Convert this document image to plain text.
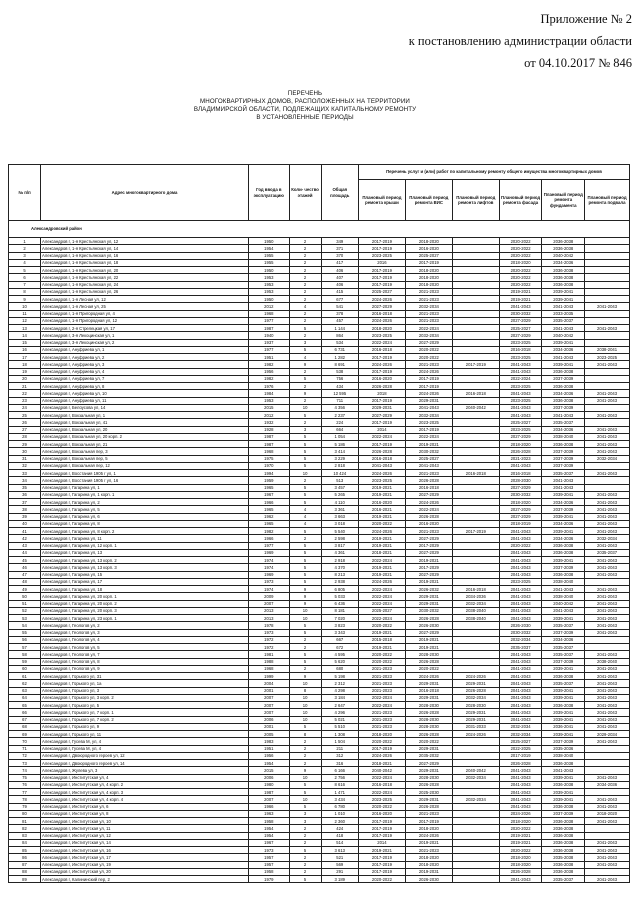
Приложение № 2
к постановлению администрации области
от 04.10.2017 № 846
ПЕРЕЧЕНЬ
МНОГОКВАРТИРНЫХ ДОМОВ, РАСПОЛОЖЕННЫХ НА ТЕРРИТОРИИ
ВЛАДИМИРСКОЙ ОБЛАСТИ, ПОДЛЕЖАЩИХ КАПИТАЛЬНОМУ РЕМОНТУ
В УСТАНОВЛЕННЫЕ ПЕРИОДЫ
№ п/п	Адрес многоквартирного дома	Год ввода в эксплуатацию	Коли- чество этажей	Общая площадь	Перечень услуг и (или) работ по капитальному ремонту общего имущества многоквартирных домов					
					Плановый период ремонта крыши	Плановый период ремонта ВИС	Плановый период ремонта лифтов	Плановый период ремонта фасада	Плановый период ремонта фундамента	Плановый период ремонта подвала
Александровский район										
1	Александров г, 1-я Крестьянская ул, 12	1950	2	349	2017-2019	2018-2020		2020-2022	2036-2038	
2	Александров г, 1-я Крестьянская ул, 14	1954	2	371	2017-2019	2016-2020		2020-2022	2036-2038	
3	Александров г, 1-я Крестьянская ул, 16	1955	2	370	2023-2025	2025-2027		2020-2022	2040-2042	
4	Александров г, 1-я Крестьянская ул, 18	1955	2	417	2016	2017-2019		2018-2020	2034-2036	
5	Александров г, 1-я Крестьянская ул, 20	1950	2	406	2017-2019	2018-2020		2020-2022	2036-2038	
6	Александров г, 1-я Крестьянская ул, 22	1953	2	407	2017-2019	2018-2020		2020-2022	2036-2038	
7	Александров г, 1-я Крестьянская ул, 24	1953	2	406	2017-2019	2018-2020		2020-2022	2036-2038	
8	Александров г, 1-я Крестьянская ул, 26	1953	2	415	2025-2027	2021-2023		2019-2021	2039-2041	
9	Александров г, 1-я Лесная ул, 12	1950	2	677	2024-2026	2021-2023		2019-2021	2039-2041	
10	Александров г, 1-я Лесная ул, 25	2012	4	541	2027-2029	2032-2034		2041-2043	2041-2043	2041-2043
11	Александров г, 1-я Пригородная ул, 4	1968	2	378	2016-2018	2021-2023		2030-2032	2033-2035	
12	Александров г, 1-я Пригородная ул, 12	1977	2	457	2024-2026	2021-2023		2027-2029	2035-2037	
13	Александров г, 2-я Стрелецкая ул, 17	1987	5	1 144	2018-2020	2022-2024		2025-2027	2041-2043	2041-2043
14	Александров г, 3-я Лекоцинская ул, 1	1940	2	864	2023-2025	2032-2034		2027-2029	2040-2042	
15	Александров г, 3-я Лекоцинская ул, 2	1937	3	534	2022-2024	2027-2029		2023-2025	2039-2041	
16	Александров г, Ануфриева ул, 1	1977	5	6 731	2016-2018	2020-2022		2016-2018	2034-2036	2038-2041
17	Александров г, Ануфриева ул, 2	1951	4	1 282	2017-2019	2020-2022		2023-2025	2041-2043	2023-2025
18	Александров г, Ануфриева ул, 3	1982	9	8 691	2024-2026	2021-2023	2017-2019	2041-2043	2039-2041	2041-2043
19	Александров г, Ануфриева ул, 4	1956	2	538	2017-2019	2024-2026		2041-2043	2036-2038	
20	Александров г, Ануфриева ул, 7	1982	5	756	2016-2020	2017-2019		2022-2024	2037-2039	
21	Александров г, Ануфриева ул, 8	1976	2	434	2026-2028	2017-2019		2023-2025	2036-2038	
22	Александров г, Ануфриева ул, 10	1984	9	12 595	2018	2024-2026	2016-2018	2041-2043	2034-2036	2041-2043
23	Александров г, Ануфриева ул, 11	1953	2	711	2017-2019	2029-2031		2023-2025	2036-2038	2041-2043
24	Александров г, Белоусова ул, 14	2015	10	4 356	2029-2031	2041-2043	2040-2042	2041-2043	2037-2039	
25	Александров г, Вокзальная ул, 1	2012	5	2 237	2027-2029	2032-2034		2041-2043	2041-2043	2041-2043
26	Александров г, Вокзальная ул, 41	1932	2	224	2017-2019	2023-2025		2025-2027	2035-2037	
27	Александров г, Вокзальная ул, 20	1928	3	664	2014	2017-2019		2023-2025	2034-2036	2041-2043
28	Александров г, Вокзальная ул, 20 корп. 2	1987	5	1 054	2022-2024	2022-2024		2027-2029	2038-2040	2041-2043
29	Александров г, Вокзальная ул, 21	1987	5	5 186	2017-2019	2019-2021		2018-2020	2036-2038	2041-2043
30	Александров г, Вокзальная пер, 3	1968	5	3 414	2026-2028	2030-2032		2026-2028	2037-2039	2041-2043
31	Александров г, Вокзальная пер, 5	1975	5	3 229	2016-2018	2025-2027		2021-2023	2037-2039	2032-2034
32	Александров г, Вокзальная пер, 12	1970	5	2 818	2041-2043	2041-2043		2041-2043	2037-2039	
33	Александров г, Восстания 1905 г ул, 1	1994	10	10 424	2024-2026	2021-2023	2016-2018	2016-2018	2035-2037	2041-2043
34	Александров г, Восстания 1905 г ул, 16	1959	2	513	2023-2025	2026-2028		2028-2030	2041-2043	
35	Александров г, Гагарина ул, 1	1965	5	3 457	2019-2021	2016-2018		2027-2029	2041-2043	
36	Александров г, Гагарина ул, 1 корп. 1	1967	5	5 265	2019-2021	2027-2029		2030-2032	2039-2041	2041-2043
37	Александров г, Гагарина ул, 2	1966	5	4 110	2016-2020	2024-2026		2018-2020	2034-2036	2041-2043
38	Александров г, Гагарина ул, 5	1965	4	3 361	2016-2021	2022-2024		2027-2029	2037-2039	2041-2043
39	Александров г, Гагарина ул, 6	1962	4	3 663	2019-2021	2026-2028		2027-2029	2039-2041	2041-2043
40	Александров г, Гагарина ул, 8	1965	4	3 018	2020-2022	2016-2020		2018-2019	2034-2036	2041-2043
41	Александров г, Гагарина ул, 8 корп. 2	1982	5	5 540	2024-2026	2021-2023	2017-2019	2041-2043	2039-2041	2041-2043
42	Александров г, Гагарина ул, 11	1966	2	2 598	2019-2021	2027-2029		2041-2043	2034-2036	2032-2034
43	Александров г, Гагарина ул, 12 корп. 1	1977	5	3 817	2019-2021	2017-2029		2020-2022	2036-2038	2041-2043
44	Александров г, Гагарина ул, 13	1969	5	4 361	2018-2021	2027-2029		2041-2043	2036-2038	2035-2037
45	Александров г, Гагарина ул, 13 корп. 2	1974	5	2 918	2022-2024	2019-2021		2041-2043	2039-2041	2041-2043
46	Александров г, Гагарина ул, 13 корп. 3	1974	5	4 370	2019-2021	2017-2029		2041-2043	2037-2039	2041-2043
47	Александров г, Гагарина ул, 15	1969	5	8 213	2019-2021	2027-2029		2041-2043	2036-2038	2041-2043
48	Александров г, Гагарина ул, 17	1973	5	2 938	2024-2026	2019-2021		2023-2025	2038-2040	
49	Александров г, Гагарина ул, 18	1974	9	6 805	2022-2024	2026-2032	2016-2018	2041-2043	2041-2043	2041-2043
50	Александров г, Гагарина ул, 20 корп. 1	2009	9	5 033	2022-2024	2029-2031	2034-2036	2041-2043	2038-2040	2041-2043
51	Александров г, Гагарина ул, 20 корп. 2	2007	9	6 436	2022-2024	2029-2031	2032-2034	2041-2043	2040-2042	2041-2043
52	Александров г, Гагарина ул, 20 корп. 3	2013	10	8 181	2025-2027	2030-2032	2038-2040	2041-2043	2041-2043	2041-2043
53	Александров г, Гагарина ул, 23 корп. 1	2013	10	7 020	2022-2024	2026-2028	2038-2040	2041-2043	2039-2041	2041-2043
54	Александров г, Геологов ул, 2	1978	5	3 823	2020-2022	2026-2030		2026-2030	2035-2037	2041-2043
55	Александров г, Геологов ул, 3	1973	5	3 343	2019-2021	2027-2029		2030-2032	2037-2039	2041-2043
56	Александров г, Геологов ул, 4	1972	2	667	2015-2018	2019-2021		2032-2034	2034-2036	
57	Александров г, Геологов ул, 5	1972	2	672	2019-2021	2019-2021		2035-2037	2035-2037	
58	Александров г, Геологов ул, 7	1981	5	4 595	2020-2022	2028-2030		2041-2043	2035-2037	2041-2043
59	Александров г, Геологов ул, 8	1988	5	5 620	2020-2022	2026-2028		2041-2043	2037-2039	2038-2040
60	Александров г, Геологов ул, 9	1968	2	680	2021-2023	2020-2022		2041-2043	2039-2041	2041-2043
61	Александров г, Горького ул, 31	1999	9	5 198	2021-2023	2024-2026	2024-2026	2041-2043	2036-2038	2041-2043
62	Александров г, Горького ул, 1а	2004	10	2 312	2021-2023	2029-2031	2029-2031	2041-2043	2035-2037	2041-2043
63	Александров г, Горького ул, 3	2001	8	4 298	2021-2023	2016-2018	2026-2028	2041-2043	2039-2041	2041-2043
64	Александров г, Горького ул, 3 корп. 2	2007	10	3 184	2022-2024	2029-2031	2032-2034	2041-2043	2039-2041	2041-2043
65	Александров г, Горького ул, 5	2007	10	2 647	2022-2024	2028-2030	2028-2030	2041-2043	2036-2038	2041-2043
66	Александров г, Горького ул, 7 корп. 1	2007	10	4 296	2021-2023	2026-2028	2029-2031	2041-2043	2039-2041	2041-2043
67	Александров г, Горького ул, 7 корп. 2	2006	10	5 021	2021-2023	2028-2030	2029-2031	2041-2043	2039-2041	2041-2043
68	Александров г, Горького ул, 9	2001	5	5 510	2021-2023	2028-2030	2031-2033	2032-2034	2036-2041	2041-2043
69	Александров г, Горького ул, 11	2005	8	1 308	2018-2020	2026-2028	2024-2026	2032-2034	2039-2041	2029-2034
70	Александров г, Гусева М, ул, 4	1983	2	1 504	2020-2022	2020-2022		2025-2027	2037-2039	2041-2043
71	Александров г, Гусева М, ул, 4	1951	2	211	2017-2019	2029-2031		2022-2025	2035-2036	
72	Александров г, Двоюродного героев ул, 12	1956	2	312	2024-2026	2035-2032		2017-2019	2038-2040	
73	Александров г, Двоюродного героев ул, 14	1954	2	316	2018-2021	2027-2029		2026-2028	2036-2038	
74	Александров г, Жулева ул, 3	2015	9	6 166	2040-2042	2029-2031	2040-2042	2041-2043	2041-2043	
75	Александров г, Институтская ул, 4	2006	10	2 756	2022-2024	2028-2030	2032-2034	2041-2043	2039-2041	2041-2043
76	Александров г, Институтская ул, 4 корп. 2	1980	5	8 616	2016-2018	2026-2028		2041-2043	2036-2038	2034-2036
77	Александров г, Институтская ул, 4 корп. 3	1987	5	1 471	2022-2024	2025-2030		2041-2043	2039-2041	
78	Александров г, Институтская ул, 4 корп. 4	2007	10	3 434	2023-2025	2029-2031	2032-2034	2041-2043	2039-2041	2041-2043
79	Александров г, Институтская ул, 6	1966	5	6 780	2020-2022	2026-2028		2041-2043	2036-2038	2041-2043
80	Александров г, Институтская ул, 8	1963	3	1 010	2016-2020	2021-2023		2024-2026	2037-2039	2018-2020
81	Александров г, Институтская ул, 10	1958	3	2 360	2017-2019	2017-2019		2018-2020	2036-2038	2041-2043
82	Александров г, Институтская ул, 11	1954	2	424	2017-2019	2018-2020		2020-2022	2036-2038	
83	Александров г, Институтская ул, 12	1954	2	418	2017-2019	2024-2026		2019-2021	2036-2038	
84	Александров г, Институтская ул, 14	1967	2	514	2014	2019-2021		2019-2021	2036-2038	2041-2043
85	Александров г, Институтская ул, 16	1973	5	3 613	2019-2021	2021-2023		2020-2022	2036-2038	2041-2043
86	Александров г, Институтская ул, 17	1957	2	521	2017-2019	2018-2020		2018-2020	2035-2038	2041-2043
87	Александров г, Институтская ул, 19	1957	2	569	2017-2019	2018-2020		2018-2020	2036-2038	2041-2043
88	Александров г, Институтская ул, 20	1958	2	291	2017-2019	2019-2031		2026-2028	2036-2038	
89	Александров г, Калининский пер, 2	1979	5	3 189	2020-2022	2026-2030		2041-2043	2035-2037	2041-2043
